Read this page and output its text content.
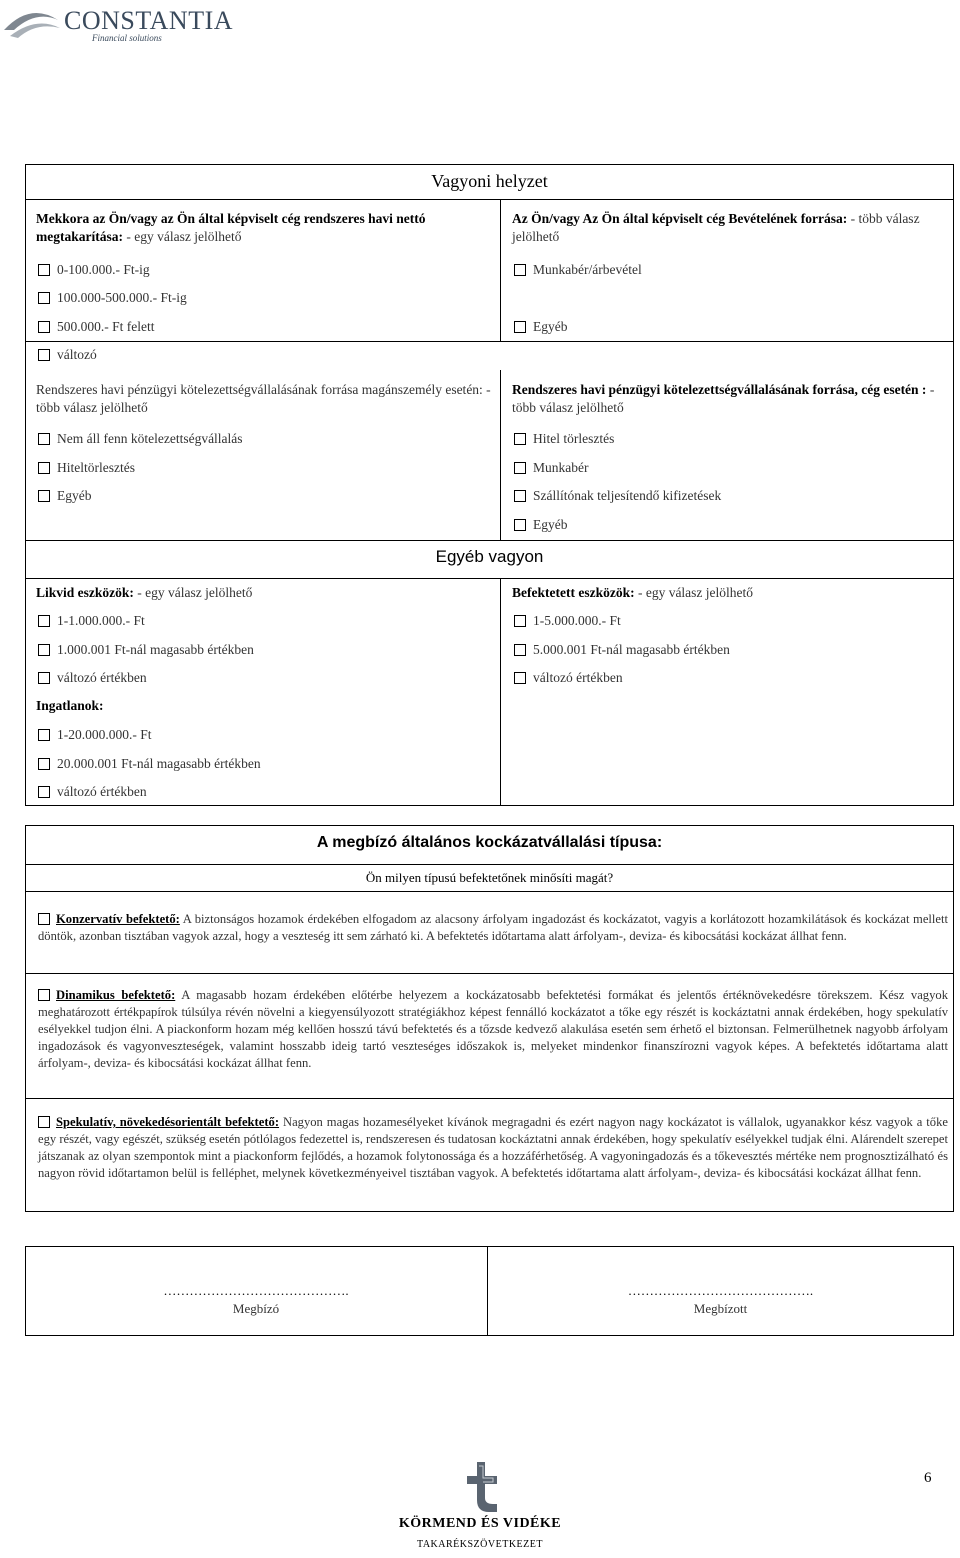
CONSTANTIA
Financial solutions
Vagyoni helyzet
Egyéb vagyon
Mekkora az Ön/vagy az Ön által képviselt cég rendszeres havi nettó megtakarítása: - egy válasz jelölhető
0-100.000.- Ft-ig
100.000-500.000.- Ft-ig
500.000.- Ft felett
változó
Az Ön/vagy Az Ön által képviselt cég Bevételének forrása: - több válasz jelölhető
Munkabér/árbevétel
Egyéb
Rendszeres havi pénzügyi kötelezettségvállalásának forrása magánszemély esetén: -több válasz jelölhető
Nem áll fenn kötelezettségvállalás
Hiteltörlesztés
Egyéb
Rendszeres havi pénzügyi kötelezettségvállalásának forrása, cég esetén : - több válasz jelölhető
Hitel törlesztés
Munkabér
Szállítónak teljesítendő kifizetések
Egyéb
Likvid eszközök: - egy válasz jelölhető
1-1.000.000.- Ft
1.000.001 Ft-nál magasabb értékben
változó értékben
Befektetett eszközök: - egy válasz jelölhető
1-5.000.000.- Ft
5.000.001 Ft-nál magasabb értékben
változó értékben
Ingatlanok:
1-20.000.000.- Ft
20.000.001 Ft-nál magasabb értékben
változó értékben
A megbízó általános kockázatvállalási típusa:
Ön milyen típusú befektetőnek minősíti magát?
Konzervatív befektető: A biztonságos hozamok érdekében elfogadom az alacsony árfolyam ingadozást és kockázatot, vagyis a korlátozott hozamkilátások és kockázat mellett döntök, azonban tisztában vagyok azzal, hogy a veszteség itt sem zárható ki. A befektetés időtartama alatt árfolyam-, deviza- és kibocsátási kockázat állhat fenn.
Dinamikus befektető: A magasabb hozam érdekében előtérbe helyezem a kockázatosabb befektetési formákat és jelentős értéknövekedésre törekszem. Kész vagyok meghatározott értékpapírok túlsúlya révén növelni a kiegyensúlyozott stratégiákhoz képest fennálló kockázatot a tőke egy részét is kockáztatni annak érdekében, hogy spekulatív esélyekkel tudjon élni. A piackonform hozam még kellően hosszú távú befektetés és a tőzsde kedvező alakulása esetén sem érhető el biztonsan. Felmerülhetnek nagyobb árfolyam ingadozások és vagyonveszteségek, valamint hosszabb ideig tartó veszteséges időszakok is, melyeket mindenkor finanszírozni vagyok képes. A befektetés időtartama alatt árfolyam-, deviza- és kibocsátási kockázat állhat fenn.
Spekulatív, növekedésorientált befektető: Nagyon magas hozamesélyeket kívánok megragadni és ezért nagyon nagy kockázatot is vállalok, ugyanakkor kész vagyok a tőke egy részét, vagy egészét, szükség esetén pótlólagos fedezettel is, rendszeresen és tudatosan kockáztatni annak érdekében, hogy spekulatív esélyekkel tudjak élni. Alárendelt szerepet játszanak az olyan szempontok mint a piackonform fejlődés, a hozamok folytonossága és a hozzáférhetőség. A vagyoningadozás és a tőkevesztés mértéke nem prognosztizálható és nagyon rövid időtartamon belül is felléphet, melynek következményeivel tisztában vagyok. A befektetés időtartama alatt árfolyam-, deviza- és kibocsátási kockázat állhat fenn.
…………………………………….
Megbízó
…………………………………….
Megbízott
KÖRMEND ÉS VIDÉKE
TAKARÉKSZÖVETKEZET
6
